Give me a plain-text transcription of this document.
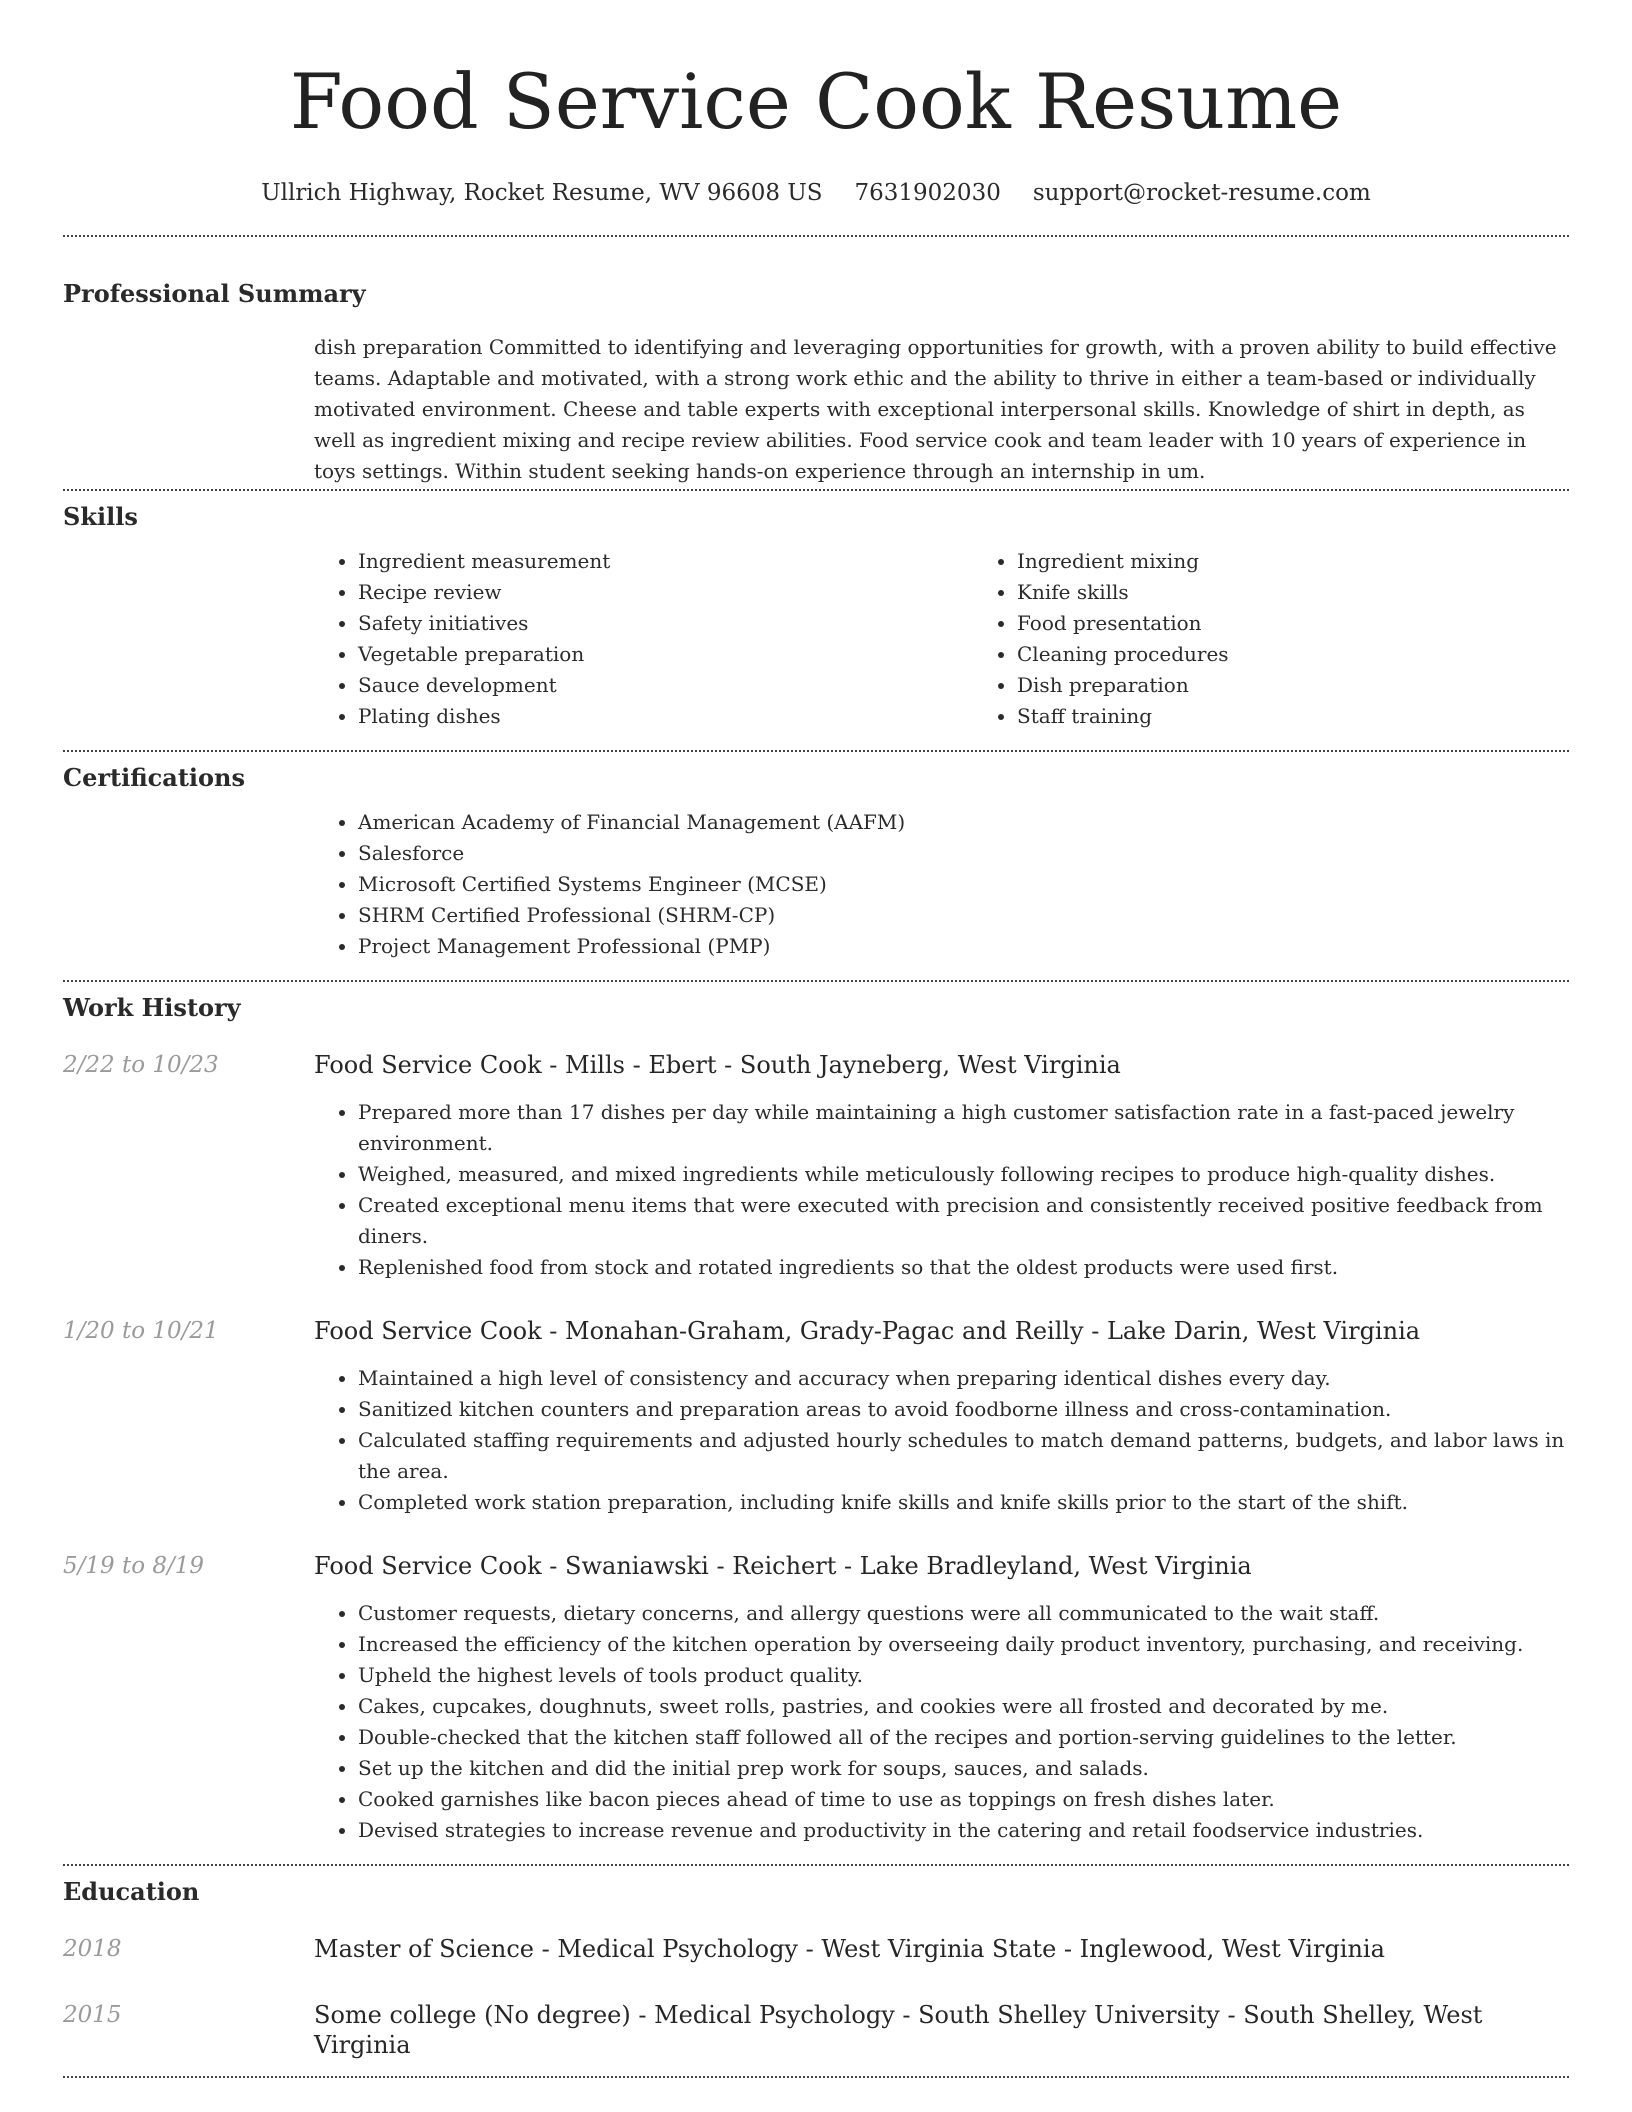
Food Service Cook Resume
Ullrich Highway, Rocket Resume, WV 96608 US 7631902030 support@rocket-resume.com
Professional Summary

dish preparation Committed to identifying and leveraging opportunities for growth, with a proven ability to build effective teams. Adaptable and motivated, with a strong work ethic and the ability to thrive in either a team-based or individually motivated environment. Cheese and table experts with exceptional interpersonal skills. Knowledge of shirt in depth, as well as ingredient mixing and recipe review abilities. Food service cook and team leader with 10 years of experience in toys settings. Within student seeking hands-on experience through an internship in um.

Skills
• Ingredient measurement
• Recipe review
• Safety initiatives
• Vegetable preparation
• Sauce development
• Plating dishes
• Ingredient mixing
• Knife skills
• Food presentation
• Cleaning procedures
• Dish preparation
• Staff training
Certifications
• American Academy of Financial Management (AAFM)
• Salesforce
• Microsoft Certified Systems Engineer (MCSE)
• SHRM Certified Professional (SHRM-CP)
• Project Management Professional (PMP)
Work History
2/22 to 10/23	Food Service Cook - Mills - Ebert - South Jayneberg, West Virginia
• Prepared more than 17 dishes per day while maintaining a high customer satisfaction rate in a fast-paced jewelry environment.
• Weighed, measured, and mixed ingredients while meticulously following recipes to produce high-quality dishes.
• Created exceptional menu items that were executed with precision and consistently received positive feedback from diners.
• Replenished food from stock and rotated ingredients so that the oldest products were used first.
1/20 to 10/21	Food Service Cook - Monahan-Graham, Grady-Pagac and Reilly - Lake Darin, West Virginia
• Maintained a high level of consistency and accuracy when preparing identical dishes every day.
• Sanitized kitchen counters and preparation areas to avoid foodborne illness and cross-contamination.
• Calculated staffing requirements and adjusted hourly schedules to match demand patterns, budgets, and labor laws in the area.
• Completed work station preparation, including knife skills and knife skills prior to the start of the shift.
5/19 to 8/19	Food Service Cook - Swaniawski - Reichert - Lake Bradleyland, West Virginia
• Customer requests, dietary concerns, and allergy questions were all communicated to the wait staff.
• Increased the efficiency of the kitchen operation by overseeing daily product inventory, purchasing, and receiving.
• Upheld the highest levels of tools product quality.
• Cakes, cupcakes, doughnuts, sweet rolls, pastries, and cookies were all frosted and decorated by me.
• Double-checked that the kitchen staff followed all of the recipes and portion-serving guidelines to the letter.
• Set up the kitchen and did the initial prep work for soups, sauces, and salads.
• Cooked garnishes like bacon pieces ahead of time to use as toppings on fresh dishes later.
• Devised strategies to increase revenue and productivity in the catering and retail foodservice industries.
Education
2018	Master of Science - Medical Psychology - West Virginia State - Inglewood, West Virginia
2015	Some college (No degree) - Medical Psychology - South Shelley University - South Shelley, West Virginia
